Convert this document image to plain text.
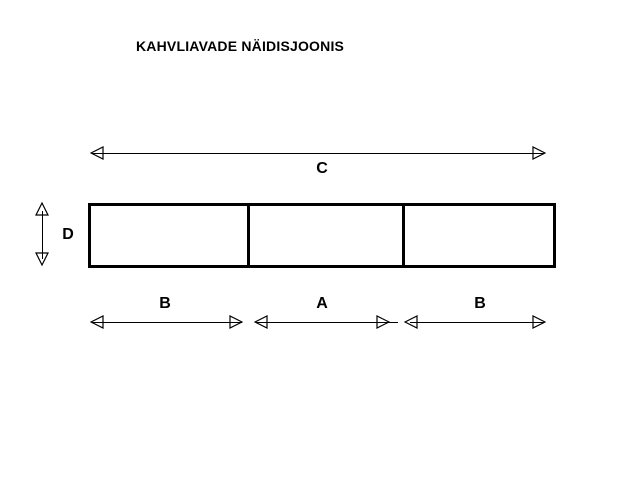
KAHVLIAVADE NÄIDISJOONIS
C
D
B	A	B
